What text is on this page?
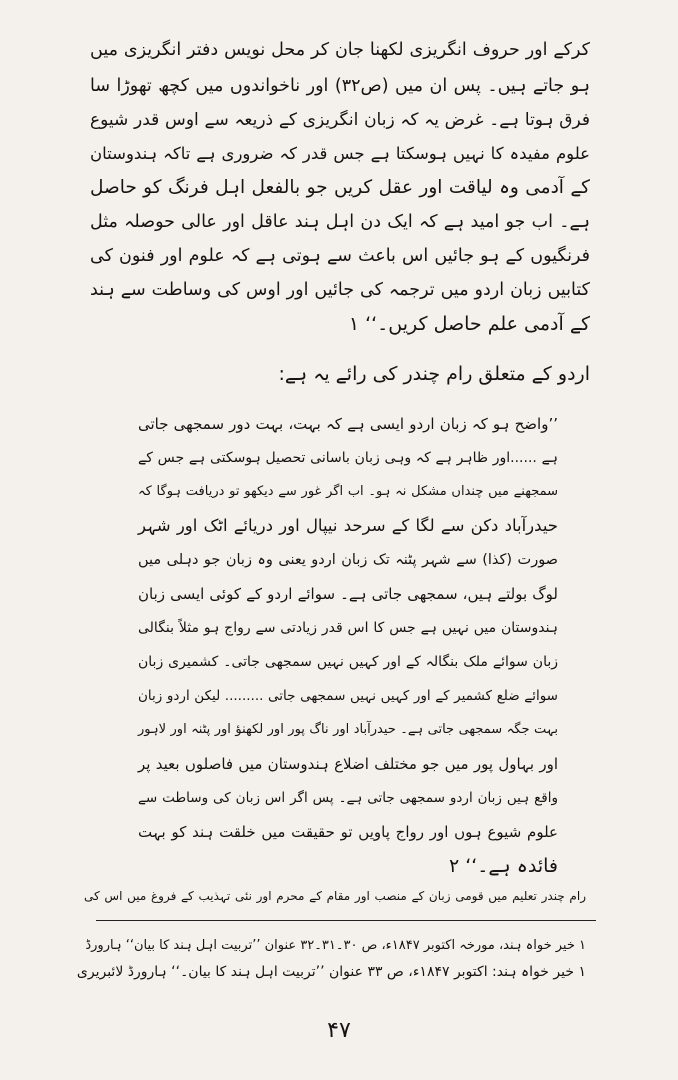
کرکے اور حروف انگریزی لکھنا جان کر محل نویس دفتر انگریزی میں
ہو جاتے ہیں۔ پس ان میں (ص۳۲) اور ناخواندوں میں کچھ تھوڑا سا
فرق ہوتا ہے۔ غرض یہ کہ زبان انگریزی کے ذریعہ سے اوس قدر شیوع
علوم مفیدہ کا نہیں ہوسکتا ہے جس قدر کہ ضروری ہے تاکہ ہندوستان
کے آدمی وہ لیاقت اور عقل کریں جو بالفعل اہل فرنگ کو حاصل
ہے۔ اب جو امید ہے کہ ایک دن اہل ہند عاقل اور عالی حوصلہ مثل
فرنگیوں کے ہو جائیں اس باعث سے ہوتی ہے کہ علوم اور فنون کی
کتابیں زبان اردو میں ترجمہ کی جائیں اور اوس کی وساطت سے ہند
کے آدمی علم حاصل کریں۔‘‘ ۱
اردو کے متعلق رام چندر کی رائے یہ ہے:
’’واضح ہو کہ زبان اردو ایسی ہے کہ بہت، بہت دور سمجھی جاتی
ہے ......اور ظاہر ہے کہ وہی زبان باسانی تحصیل ہوسکتی ہے جس کے
سمجھنے میں چنداں مشکل نہ ہو۔ اب اگر غور سے دیکھو تو دریافت ہوگا کہ
حیدرآباد دکن سے لگا کے سرحد نیپال اور دریائے اٹک اور شہر
صورت (کذا) سے شہر پٹنہ تک زبان اردو یعنی وہ زبان جو دہلی میں
لوگ بولتے ہیں، سمجھی جاتی ہے۔ سوائے اردو کے کوئی ایسی زبان
ہندوستان میں نہیں ہے جس کا اس قدر زیادتی سے رواج ہو مثلاً بنگالی
زبان سوائے ملک بنگالہ کے اور کہیں نہیں سمجھی جاتی۔ کشمیری زبان
سوائے ضلع کشمیر کے اور کہیں نہیں سمجھی جاتی ......... لیکن اردو زبان
بہت جگہ سمجھی جاتی ہے۔ حیدرآباد اور ناگ پور اور لکھنؤ اور پٹنہ اور لاہور
اور بہاول پور میں جو مختلف اضلاع ہندوستان میں فاصلوں بعید پر
واقع ہیں زبان اردو سمجھی جاتی ہے۔ پس اگر اس زبان کی وساطت سے
علوم شیوع ہوں اور رواج پاویں تو حقیقت میں خلقت ہند کو بہت
فائدہ ہے۔‘‘ ۲
رام چندر تعلیم میں قومی زبان کے منصب اور مقام کے محرم اور نئی تہذیب کے فروغ میں اس کی
۱ خیر خواہ ہند، مورخہ اکتوبر ۱۸۴۷ء، ص ۳۰۔۳۱۔۳۲ عنوان ’’تربیت اہل ہند کا بیان‘‘ ہارورڈ
۱ خیر خواہ ہند: اکتوبر ۱۸۴۷ء، ص ۳۳ عنوان ’’تربیت اہل ہند کا بیان۔‘‘ ہارورڈ لائبریری
۴۷
